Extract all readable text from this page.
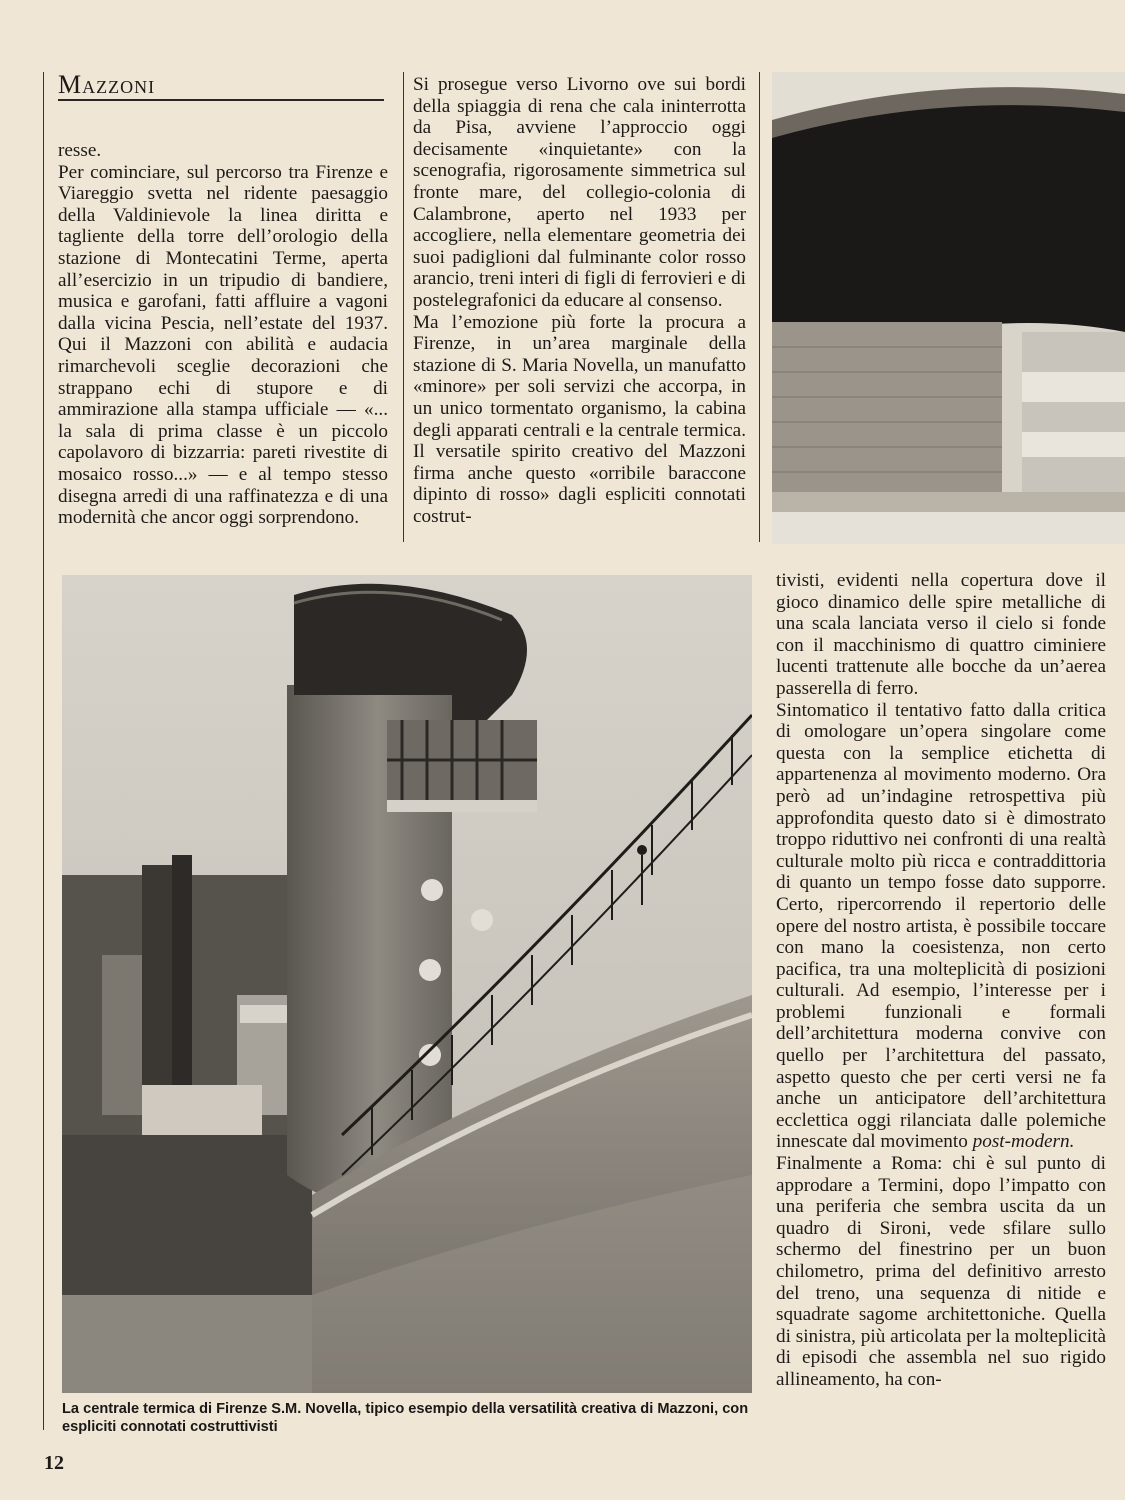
Mazzoni

resse.

Per cominciare, sul percorso tra Firenze e Viareggio svetta nel ridente paesaggio della Valdinievole la linea diritta e tagliente della torre dell’orologio della stazione di Montecatini Terme, aperta all’esercizio in un tripudio di bandiere, musica e garofani, fatti affluire a vagoni dalla vicina Pescia, nell’estate del 1937. Qui il Mazzoni con abilità e audacia rimarchevoli sceglie decorazioni che strappano echi di stupore e di ammirazione alla stampa ufficiale — «... la sala di prima classe è un piccolo capolavoro di bizzarria: pareti rivestite di mosaico rosso...» — e al tempo stesso disegna arredi di una raffinatezza e di una modernità che ancor oggi sorprendono.

Si prosegue verso Livorno ove sui bordi della spiaggia di rena che cala ininterrotta da Pisa, avviene l’approccio oggi decisamente «inquietante» con la scenografia, rigorosamente simmetrica sul fronte mare, del collegio-colonia di Calambrone, aperto nel 1933 per accogliere, nella elementare geometria dei suoi padiglioni dal fulminante color rosso arancio, treni interi di figli di ferrovieri e di postelegrafonici da educare al consenso.

Ma l’emozione più forte la procura a Firenze, in un’area marginale della stazione di S. Maria Novella, un manufatto «minore» per soli servizi che accorpa, in un unico tormentato organismo, la cabina degli apparati centrali e la centrale termica. Il versatile spirito creativo del Mazzoni firma anche questo «orribile baraccone dipinto di rosso» dagli espliciti connotati costrut-

tivisti, evidenti nella copertura dove il gioco dinamico delle spire metalliche di una scala lanciata verso il cielo si fonde con il macchinismo di quattro ciminiere lucenti trattenute alle bocche da un’aerea passerella di ferro.

Sintomatico il tentativo fatto dalla critica di omologare un’opera singolare come questa con la semplice etichetta di appartenenza al movimento moderno. Ora però ad un’indagine retrospettiva più approfondita questo dato si è dimostrato troppo riduttivo nei confronti di una realtà culturale molto più ricca e contraddittoria di quanto un tempo fosse dato supporre. Certo, ripercorrendo il repertorio delle opere del nostro artista, è possibile toccare con mano la coesistenza, non certo pacifica, tra una molteplicità di posizioni culturali. Ad esempio, l’interesse per i problemi funzionali e formali dell’architettura moderna convive con quello per l’architettura del passato, aspetto questo che per certi versi ne fa anche un anticipatore dell’architettura ecclettica oggi rilanciata dalle polemiche innescate dal movimento post-modern.

Finalmente a Roma: chi è sul punto di approdare a Termini, dopo l’impatto con una periferia che sembra uscita da un quadro di Sironi, vede sfilare sullo schermo del finestrino per un buon chilometro, prima del definitivo arresto del treno, una sequenza di nitide e squadrate sagome architettoniche. Quella di sinistra, più articolata per la molteplicità di episodi che assembla nel suo rigido allineamento, ha con-

La centrale termica di Firenze S.M. Novella, tipico esempio della versatilità creativa di Mazzoni, con espliciti connotati costruttivisti
12
